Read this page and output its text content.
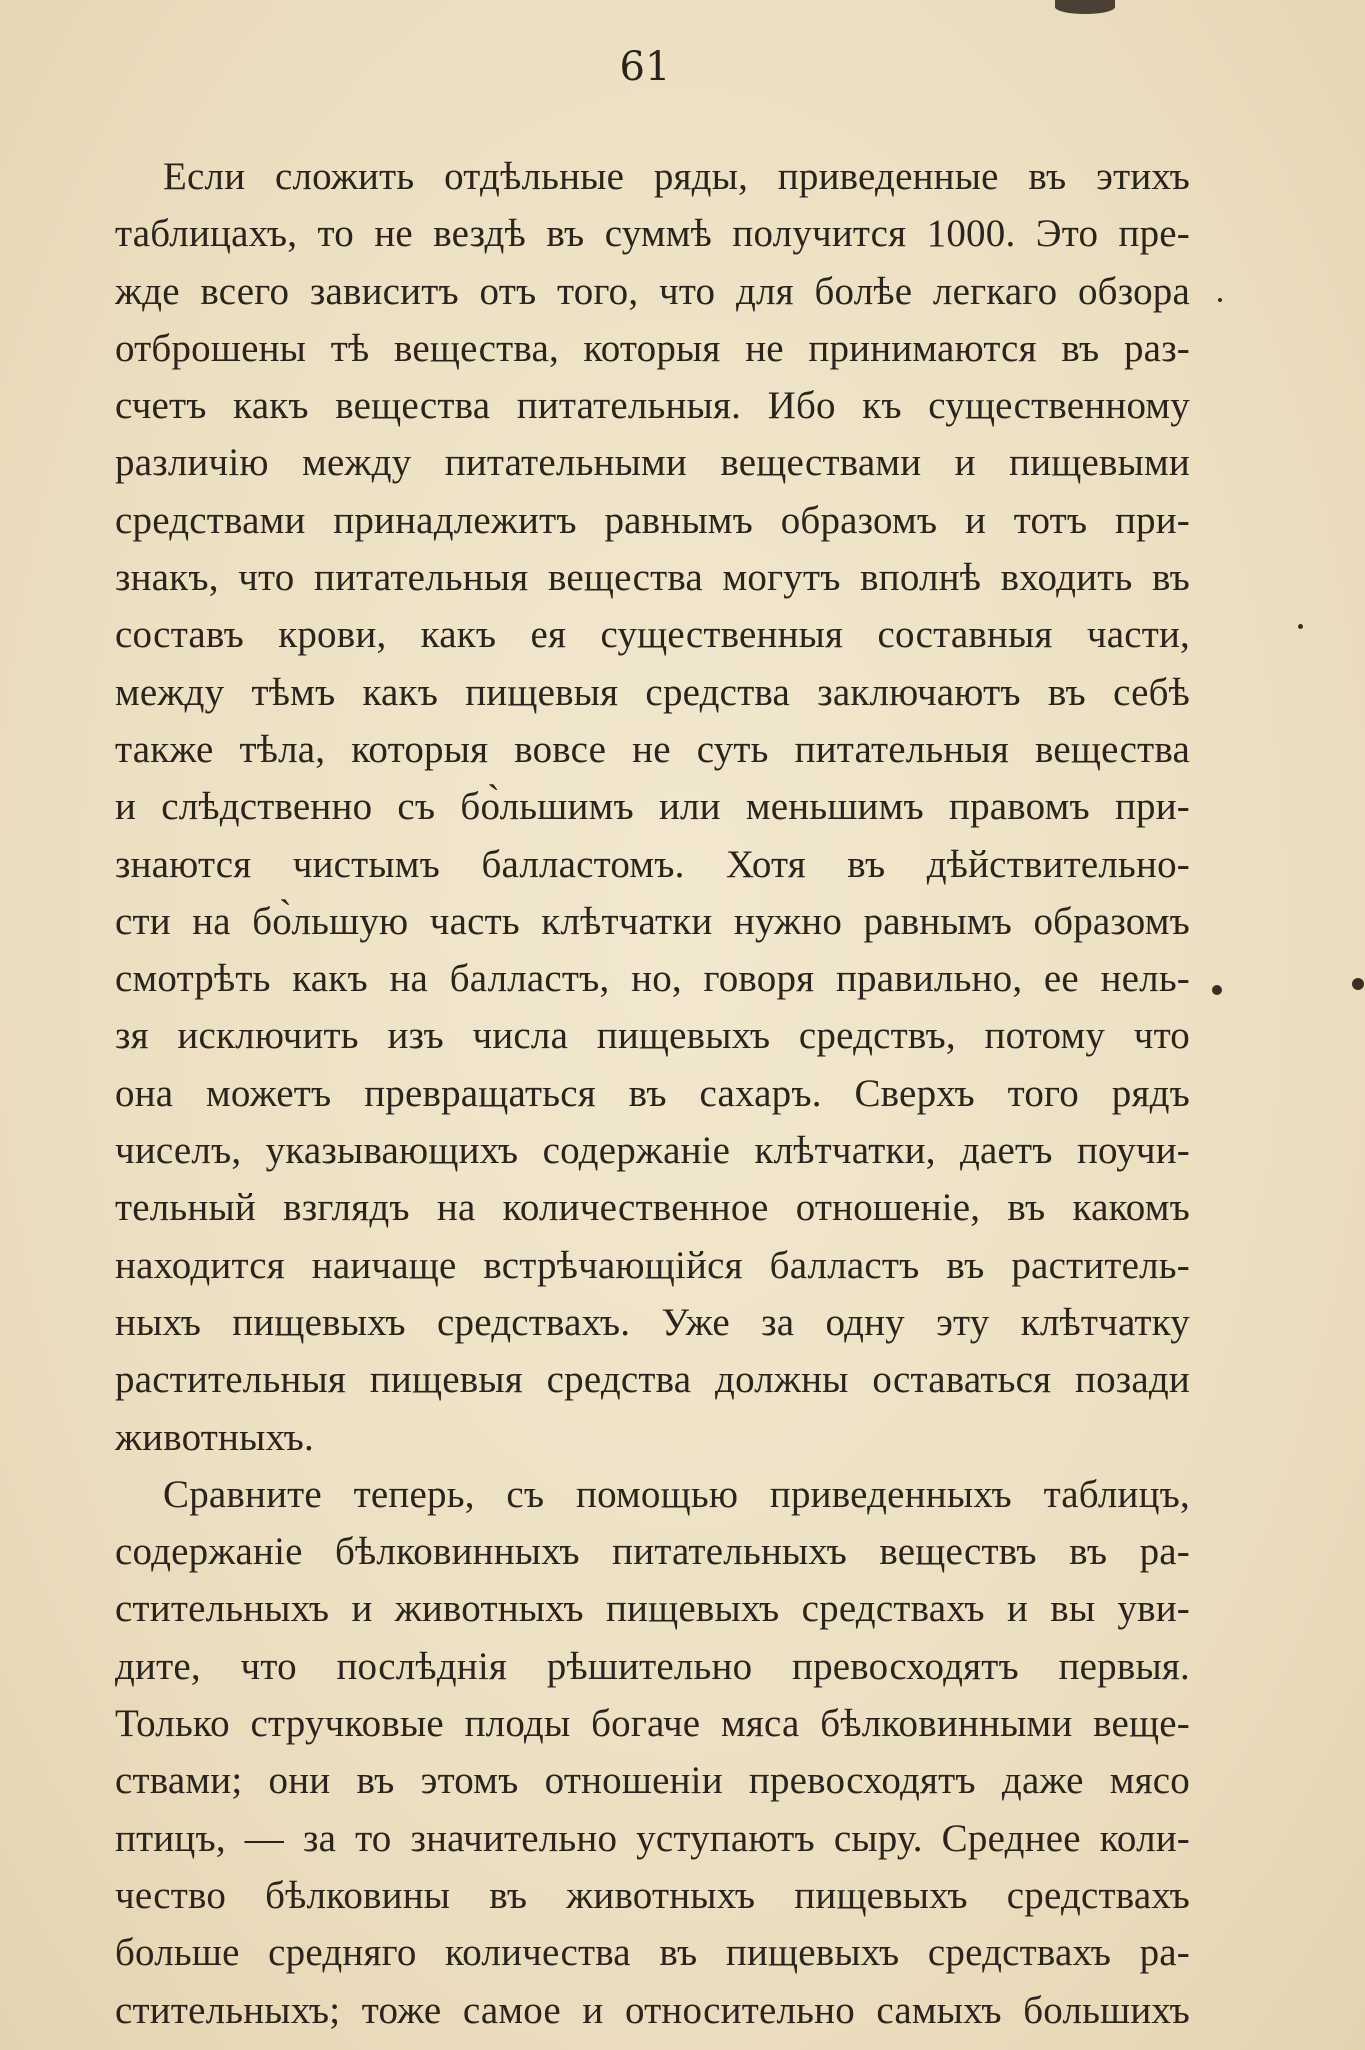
61
Если сложить отдѣльные ряды, приведенные въ этихъ
таблицахъ, то не вездѣ въ суммѣ получится 1000. Это пре-
жде всего зависитъ отъ того, что для болѣе легкаго обзора
отброшены тѣ вещества, которыя не принимаются въ раз-
счетъ какъ вещества питательныя. Ибо къ существенному
различію между питательными веществами и пищевыми
средствами принадлежитъ равнымъ образомъ и тотъ при-
знакъ, что питательныя вещества могутъ вполнѣ входить въ
составъ крови, какъ ея существенныя составныя части,
между тѣмъ какъ пищевыя средства заключаютъ въ себѣ
также тѣла, которыя вовсе не суть питательныя вещества
и слѣдственно съ бо̀льшимъ или меньшимъ правомъ при-
знаются чистымъ балластомъ. Хотя въ дѣйствительно-
сти на бо̀льшую часть клѣтчатки нужно равнымъ образомъ
смотрѣть какъ на балластъ, но, говоря правильно, ее нель-
зя исключить изъ числа пищевыхъ средствъ, потому что
она можетъ превращаться въ сахаръ. Сверхъ того рядъ
чиселъ, указывающихъ содержаніе клѣтчатки, даетъ поучи-
тельный взглядъ на количественное отношеніе, въ какомъ
находится наичаще встрѣчающійся балластъ въ раститель-
ныхъ пищевыхъ средствахъ. Уже за одну эту клѣтчатку
растительныя пищевыя средства должны оставаться позади
животныхъ.
Сравните теперь, съ помощью приведенныхъ таблицъ,
содержаніе бѣлковинныхъ питательныхъ веществъ въ ра-
стительныхъ и животныхъ пищевыхъ средствахъ и вы уви-
дите, что послѣднія рѣшительно превосходятъ первыя.
Только стручковые плоды богаче мяса бѣлковинными веще-
ствами; они въ этомъ отношеніи превосходятъ даже мясо
птицъ, — за то значительно уступаютъ сыру. Среднее коли-
чество бѣлковины въ животныхъ пищевыхъ средствахъ
больше средняго количества въ пищевыхъ средствахъ ра-
стительныхъ; тоже самое и относительно самыхъ большихъ
